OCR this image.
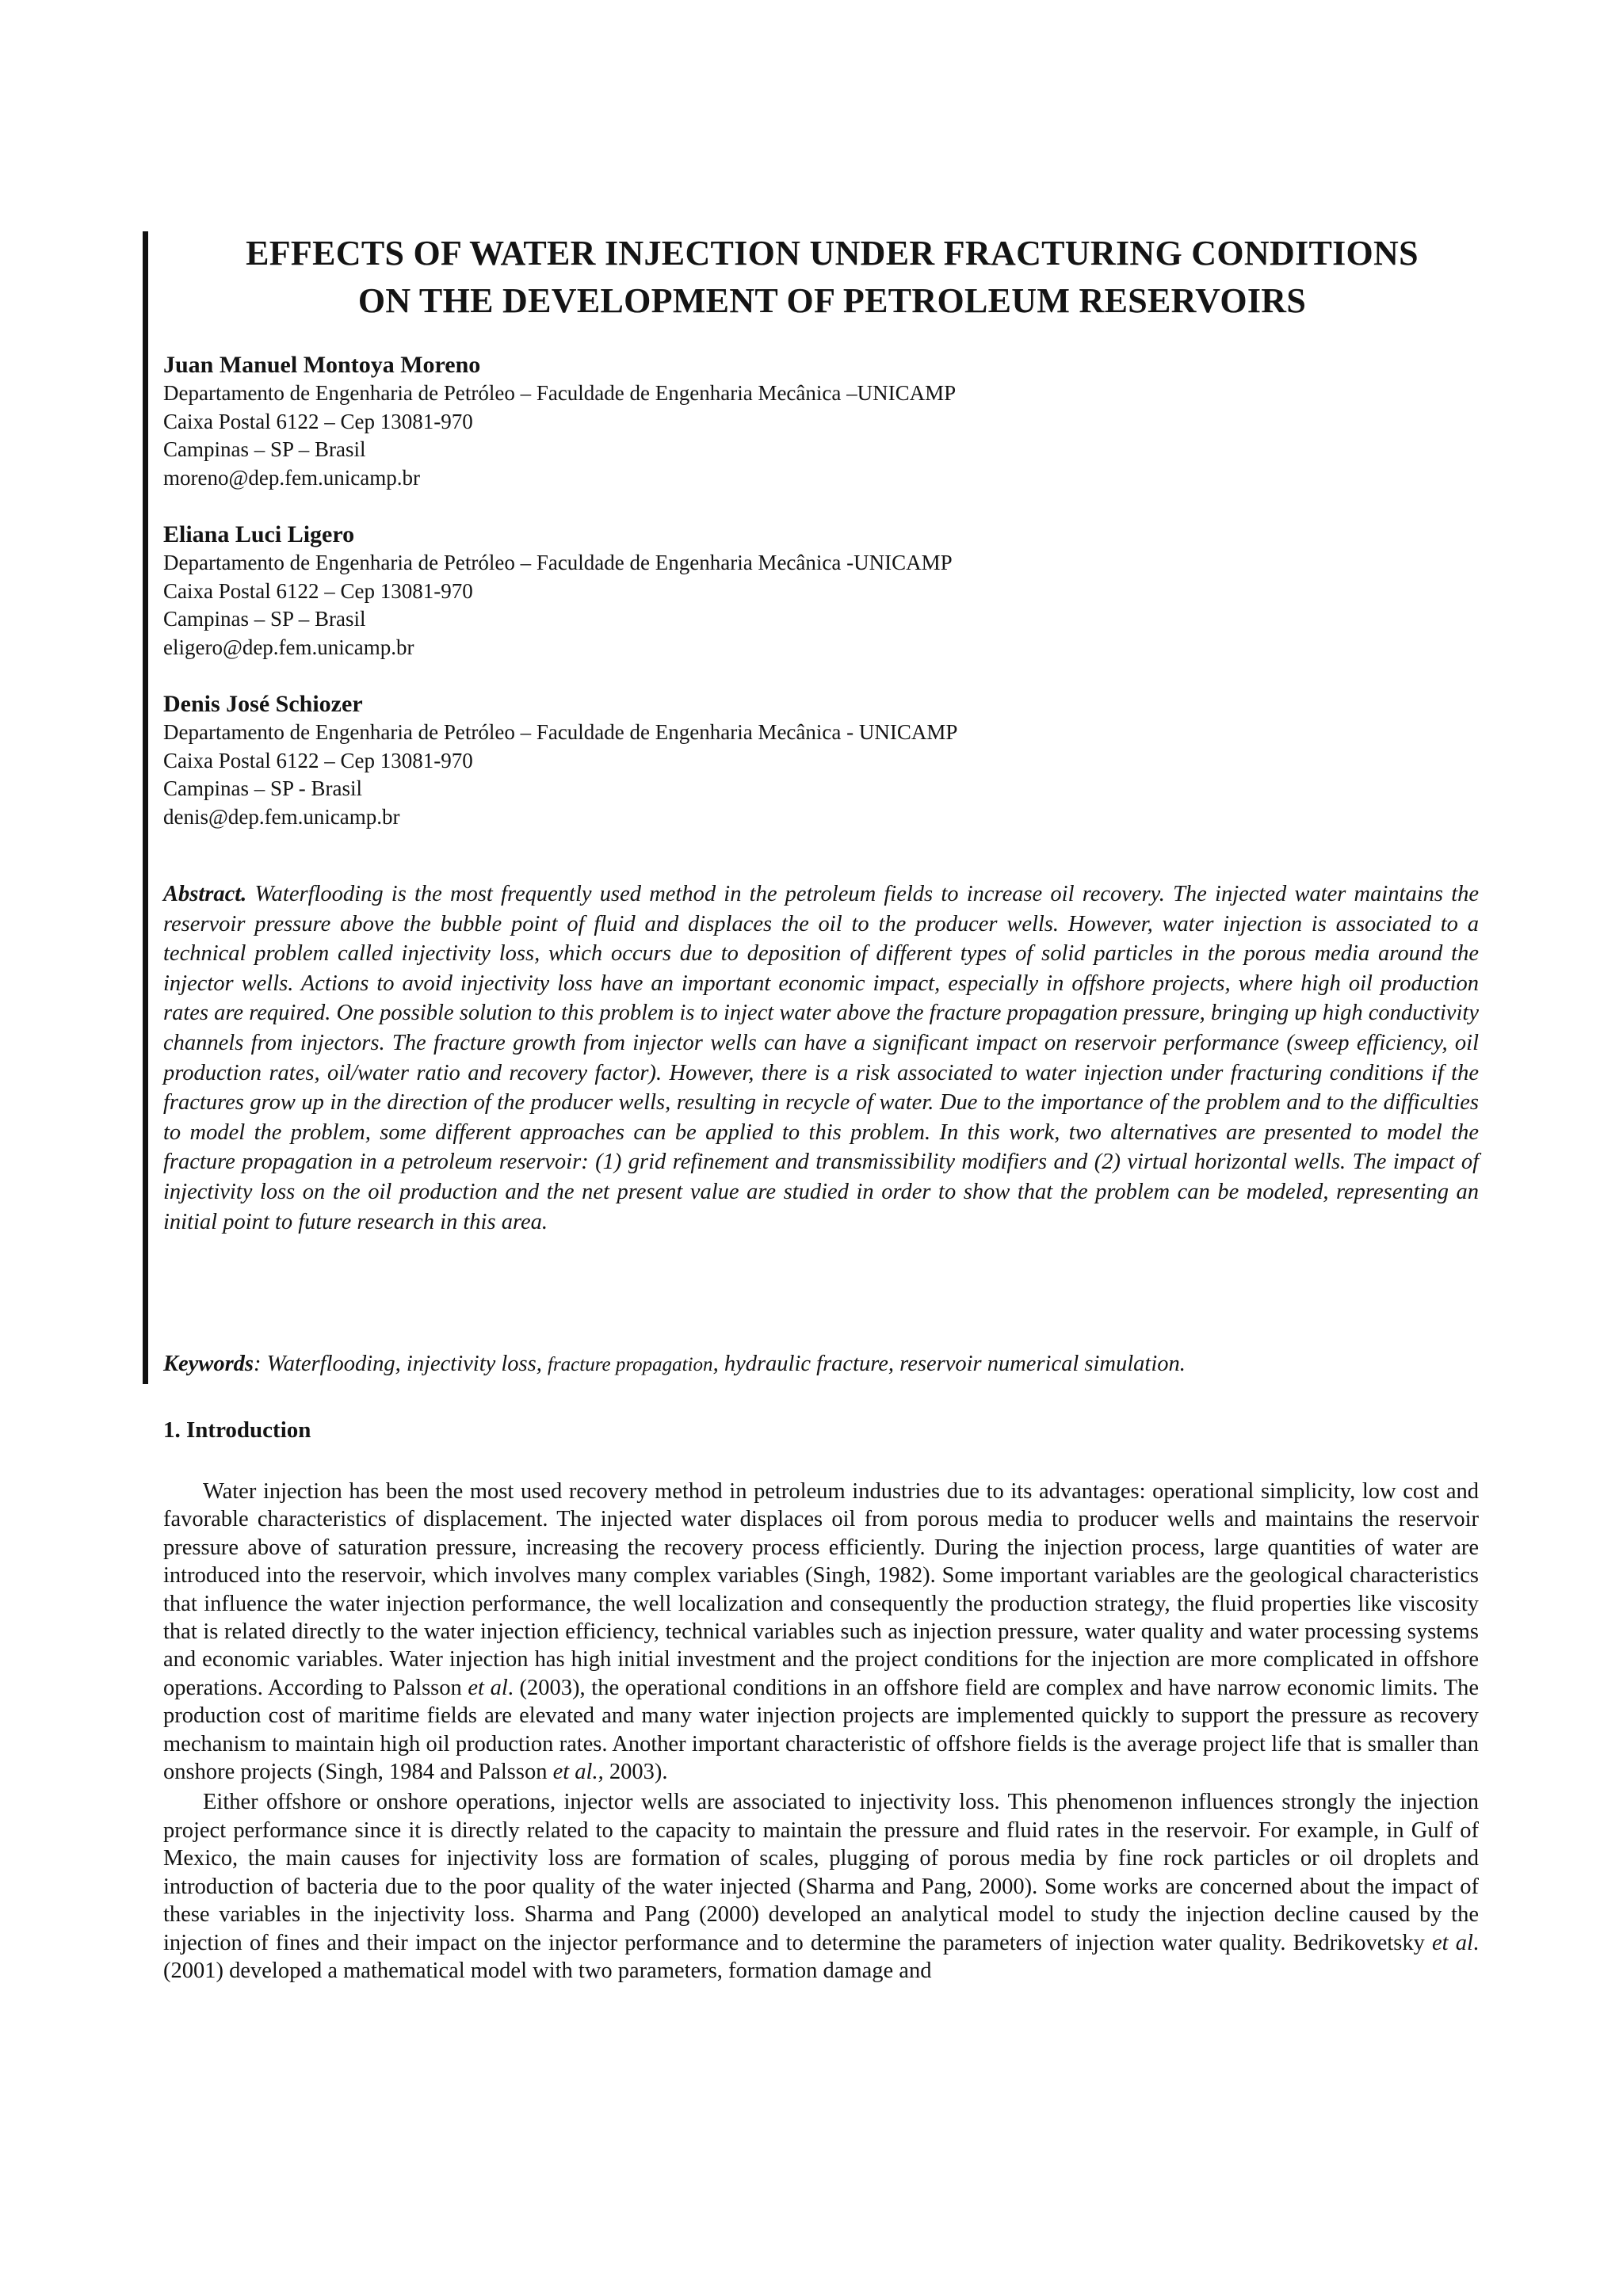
EFFECTS OF WATER INJECTION UNDER FRACTURING CONDITIONS
ON THE DEVELOPMENT OF PETROLEUM RESERVOIRS
Juan Manuel Montoya Moreno
Departamento de Engenharia de Petróleo – Faculdade de Engenharia Mecânica –UNICAMP
Caixa Postal 6122 – Cep 13081-970
Campinas – SP – Brasil
moreno@dep.fem.unicamp.br
Eliana Luci Ligero
Departamento de Engenharia de Petróleo – Faculdade de Engenharia Mecânica -UNICAMP
Caixa Postal 6122 – Cep 13081-970
Campinas – SP – Brasil
eligero@dep.fem.unicamp.br
Denis José Schiozer
Departamento de Engenharia de Petróleo – Faculdade de Engenharia Mecânica - UNICAMP
Caixa Postal 6122 – Cep 13081-970
Campinas – SP - Brasil
denis@dep.fem.unicamp.br
Abstract. Waterflooding is the most frequently used method in the petroleum fields to increase oil recovery. The injected water maintains the reservoir pressure above the bubble point of fluid and displaces the oil to the producer wells. However, water injection is associated to a technical problem called injectivity loss, which occurs due to deposition of different types of solid particles in the porous media around the injector wells. Actions to avoid injectivity loss have an important economic impact, especially in offshore projects, where high oil production rates are required. One possible solution to this problem is to inject water above the fracture propagation pressure, bringing up high conductivity channels from injectors. The fracture growth from injector wells can have a significant impact on reservoir performance (sweep efficiency, oil production rates, oil/water ratio and recovery factor). However, there is a risk associated to water injection under fracturing conditions if the fractures grow up in the direction of the producer wells, resulting in recycle of water. Due to the importance of the problem and to the difficulties to model the problem, some different approaches can be applied to this problem. In this work, two alternatives are presented to model the fracture propagation in a petroleum reservoir: (1) grid refinement and transmissibility modifiers and (2) virtual horizontal wells. The impact of injectivity loss on the oil production and the net present value are studied in order to show that the problem can be modeled, representing an initial point to future research in this area.
Keywords: Waterflooding, injectivity loss, fracture propagation, hydraulic fracture, reservoir numerical simulation.
1. Introduction

Water injection has been the most used recovery method in petroleum industries due to its advantages: operational simplicity, low cost and favorable characteristics of displacement. The injected water displaces oil from porous media to producer wells and maintains the reservoir pressure above of saturation pressure, increasing the recovery process efficiently. During the injection process, large quantities of water are introduced into the reservoir, which involves many complex variables (Singh, 1982). Some important variables are the geological characteristics that influence the water injection performance, the well localization and consequently the production strategy, the fluid properties like viscosity that is related directly to the water injection efficiency, technical variables such as injection pressure, water quality and water processing systems and economic variables. Water injection has high initial investment and the project conditions for the injection are more complicated in offshore operations. According to Palsson et al. (2003), the operational conditions in an offshore field are complex and have narrow economic limits. The production cost of maritime fields are elevated and many water injection projects are implemented quickly to support the pressure as recovery mechanism to maintain high oil production rates. Another important characteristic of offshore fields is the average project life that is smaller than onshore projects (Singh, 1984 and Palsson et al., 2003).

Either offshore or onshore operations, injector wells are associated to injectivity loss. This phenomenon influences strongly the injection project performance since it is directly related to the capacity to maintain the pressure and fluid rates in the reservoir. For example, in Gulf of Mexico, the main causes for injectivity loss are formation of scales, plugging of porous media by fine rock particles or oil droplets and introduction of bacteria due to the poor quality of the water injected (Sharma and Pang, 2000). Some works are concerned about the impact of these variables in the injectivity loss. Sharma and Pang (2000) developed an analytical model to study the injection decline caused by the injection of fines and their impact on the injector performance and to determine the parameters of injection water quality. Bedrikovetsky et al. (2001) developed a mathematical model with two parameters, formation damage and
